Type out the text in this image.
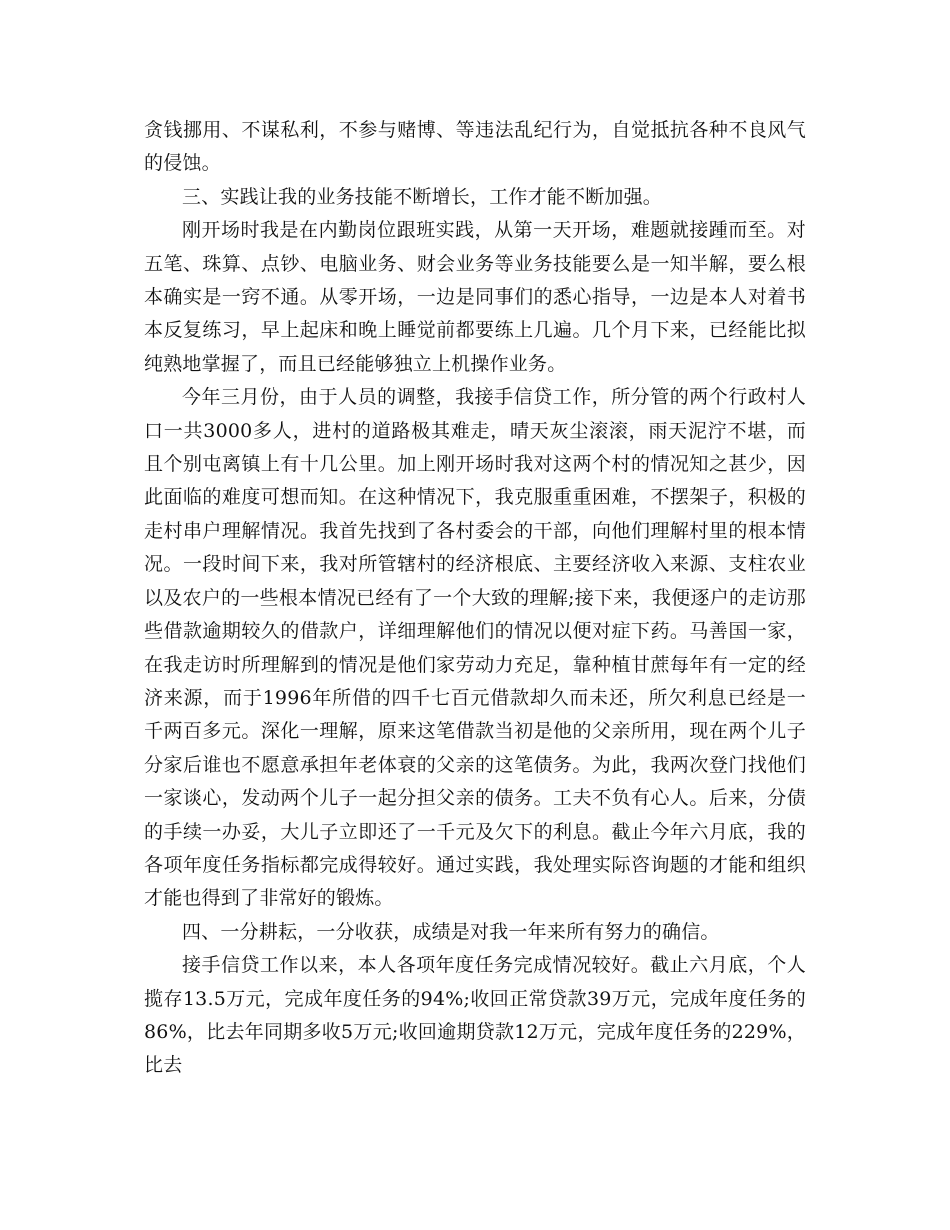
贪钱挪用、不谋私利，不参与赌博、等违法乱纪行为，自觉抵抗各种不良风气的侵蚀。

三、实践让我的业务技能不断增长，工作才能不断加强。

刚开场时我是在内勤岗位跟班实践，从第一天开场，难题就接踵而至。对五笔、珠算、点钞、电脑业务、财会业务等业务技能要么是一知半解，要么根本确实是一窍不通。从零开场，一边是同事们的悉心指导，一边是本人对着书本反复练习，早上起床和晚上睡觉前都要练上几遍。几个月下来，已经能比拟纯熟地掌握了，而且已经能够独立上机操作业务。

今年三月份，由于人员的调整，我接手信贷工作，所分管的两个行政村人口一共3000多人，进村的道路极其难走，晴天灰尘滚滚，雨天泥泞不堪，而且个别屯离镇上有十几公里。加上刚开场时我对这两个村的情况知之甚少，因此面临的难度可想而知。在这种情况下，我克服重重困难，不摆架子，积极的走村串户理解情况。我首先找到了各村委会的干部，向他们理解村里的根本情况。一段时间下来，我对所管辖村的经济根底、主要经济收入来源、支柱农业以及农户的一些根本情况已经有了一个大致的理解;接下来，我便逐户的走访那些借款逾期较久的借款户，详细理解他们的情况以便对症下药。马善国一家，在我走访时所理解到的情况是他们家劳动力充足，靠种植甘蔗每年有一定的经济来源，而于1996年所借的四千七百元借款却久而未还，所欠利息已经是一千两百多元。深化一理解，原来这笔借款当初是他的父亲所用，现在两个儿子分家后谁也不愿意承担年老体衰的父亲的这笔债务。为此，我两次登门找他们一家谈心，发动两个儿子一起分担父亲的债务。工夫不负有心人。后来，分债的手续一办妥，大儿子立即还了一千元及欠下的利息。截止今年六月底，我的各项年度任务指标都完成得较好。通过实践，我处理实际咨询题的才能和组织才能也得到了非常好的锻炼。

四、一分耕耘，一分收获，成绩是对我一年来所有努力的确信。

接手信贷工作以来，本人各项年度任务完成情况较好。截止六月底，个人揽存13.5万元，完成年度任务的94%;收回正常贷款39万元，完成年度任务的86%，比去年同期多收5万元;收回逾期贷款12万元，完成年度任务的229%，比去
